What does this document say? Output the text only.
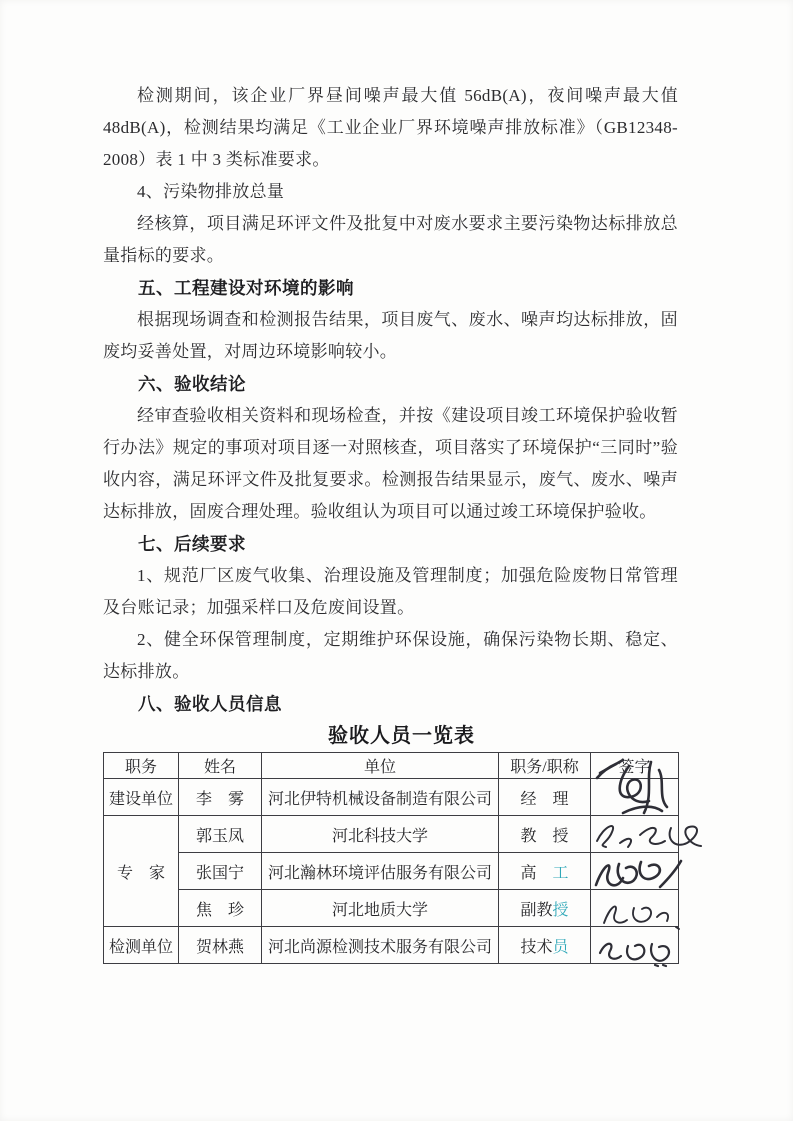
检测期间，该企业厂界昼间噪声最大值 56dB(A)，夜间噪声最大值 48dB(A)，检测结果均满足《工业企业厂界环境噪声排放标准》（GB12348-2008）表 1 中 3 类标准要求。

4、污染物排放总量

经核算，项目满足环评文件及批复中对废水要求主要污染物达标排放总量指标的要求。

五、工程建设对环境的影响

根据现场调查和检测报告结果，项目废气、废水、噪声均达标排放，固废均妥善处置，对周边环境影响较小。

六、验收结论

经审查验收相关资料和现场检查，并按《建设项目竣工环境保护验收暂行办法》规定的事项对项目逐一对照核查，项目落实了环境保护“三同时”验收内容，满足环评文件及批复要求。检测报告结果显示，废气、废水、噪声达标排放，固废合理处理。验收组认为项目可以通过竣工环境保护验收。

七、后续要求

1、规范厂区废气收集、治理设施及管理制度；加强危险废物日常管理及台账记录；加强采样口及危废间设置。

2、健全环保管理制度，定期维护环保设施，确保污染物长期、稳定、达标排放。

八、验收人员信息

验收人员一览表
职务	姓名	单位	职务/职称	签字
建设单位	李　雾	河北伊特机械设备制造有限公司	经　理	
专　家	郭玉凤	河北科技大学	教　授	
	张国宁	河北瀚林环境评估服务有限公司	高　工	
	焦　珍	河北地质大学	副教授	
检测单位	贺林燕	河北尚源检测技术服务有限公司	技术员	
